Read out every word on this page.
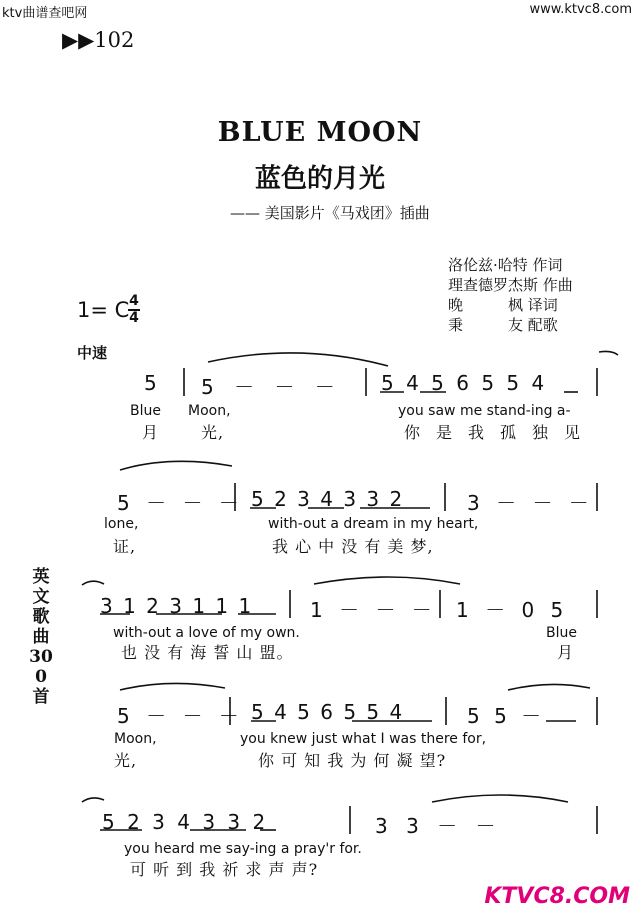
ktv曲谱查吧网	www.ktvc8.com
▶▶102
BLUE MOON
蓝色的月光
—— 美国影片《马戏团》插曲
洛伦兹·哈特 作词
理查德罗杰斯 作曲
晚　　　枫 译词
秉　　　友 配歌
1= C 4
4
中速
英文歌曲300首
5 5 － － － 5 4 5 6 5 5 4
Blue Moon,	you saw me stand-ing a-
月	光,	你是我孤独见
5 － － － 5 2 3 4 3 3 2	3 － － －
lone,	with-out a dream in my heart,
证,	我 心 中 没 有 美 梦,
3 1 2 3 1 1 1	1 － － － 1 － 0 5
with-out a love of my own.	Blue
也 没 有 海 誓 山 盟。	月
5 － － － 5 4 5 6 5 5 4	5 5 －
Moon,	you knew just what I was there for,
光,	你 可 知 我 为 何 凝 望?
5 2 3 4 3 3 2	3 3 － －
you heard me say-ing a pray'r for.
可 听 到 我 祈 求 声 声?
KTVC8.COM
